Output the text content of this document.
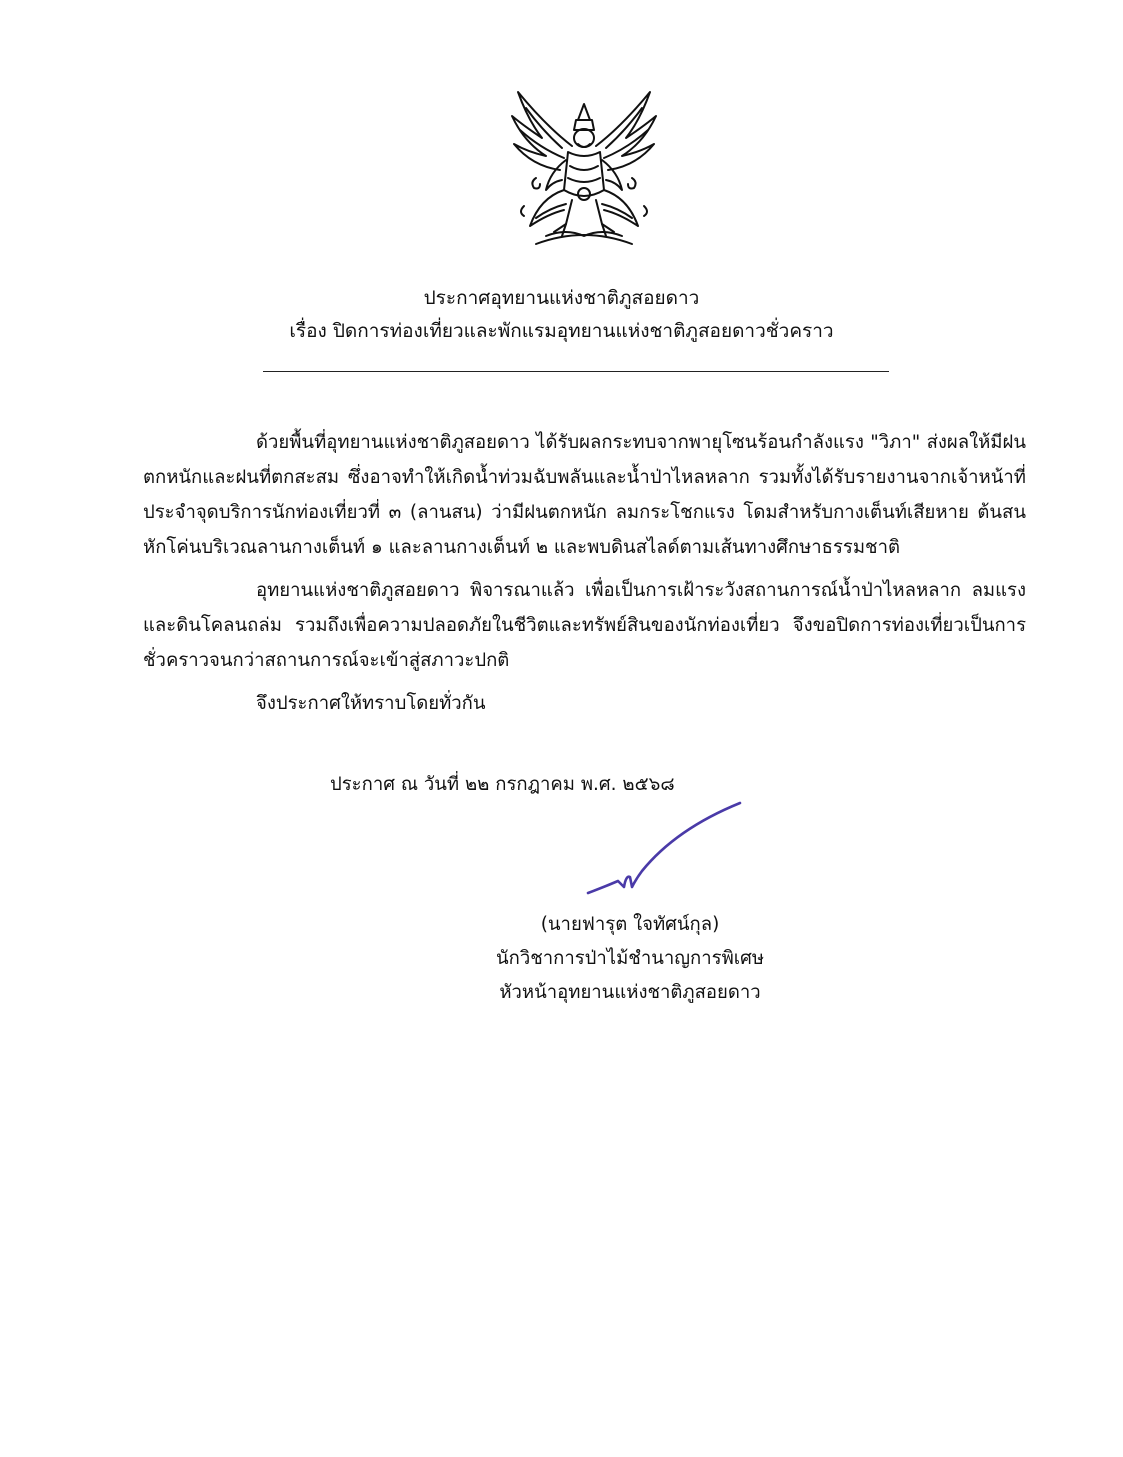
ประกาศอุทยานแห่งชาติภูสอยดาว
เรื่อง ปิดการท่องเที่ยวและพักแรมอุทยานแห่งชาติภูสอยดาวชั่วคราว
ด้วยพื้นที่อุทยานแห่งชาติภูสอยดาว ได้รับผลกระทบจากพายุโซนร้อนกำลังแรง "วิภา" ส่งผลให้มีฝนตกหนักและฝนที่ตกสะสม ซึ่งอาจทำให้เกิดน้ำท่วมฉับพลันและน้ำป่าไหลหลาก รวมทั้งได้รับรายงานจากเจ้าหน้าที่ประจำจุดบริการนักท่องเที่ยวที่ ๓ (ลานสน) ว่ามีฝนตกหนัก ลมกระโชกแรง โดมสำหรับกางเต็นท์เสียหาย ต้นสนหักโค่นบริเวณลานกางเต็นท์ ๑ และลานกางเต็นท์ ๒ และพบดินสไลด์ตามเส้นทางศึกษาธรรมชาติ
อุทยานแห่งชาติภูสอยดาว พิจารณาแล้ว เพื่อเป็นการเฝ้าระวังสถานการณ์น้ำป่าไหลหลาก ลมแรง และดินโคลนถล่ม รวมถึงเพื่อความปลอดภัยในชีวิตและทรัพย์สินของนักท่องเที่ยว จึงขอปิดการท่องเที่ยวเป็นการชั่วคราวจนกว่าสถานการณ์จะเข้าสู่สภาวะปกติ
จึงประกาศให้ทราบโดยทั่วกัน
ประกาศ ณ วันที่ ๒๒ กรกฎาคม พ.ศ. ๒๕๖๘
(นายฟารุต ใจทัศน์กุล)
นักวิชาการป่าไม้ชำนาญการพิเศษ
หัวหน้าอุทยานแห่งชาติภูสอยดาว
